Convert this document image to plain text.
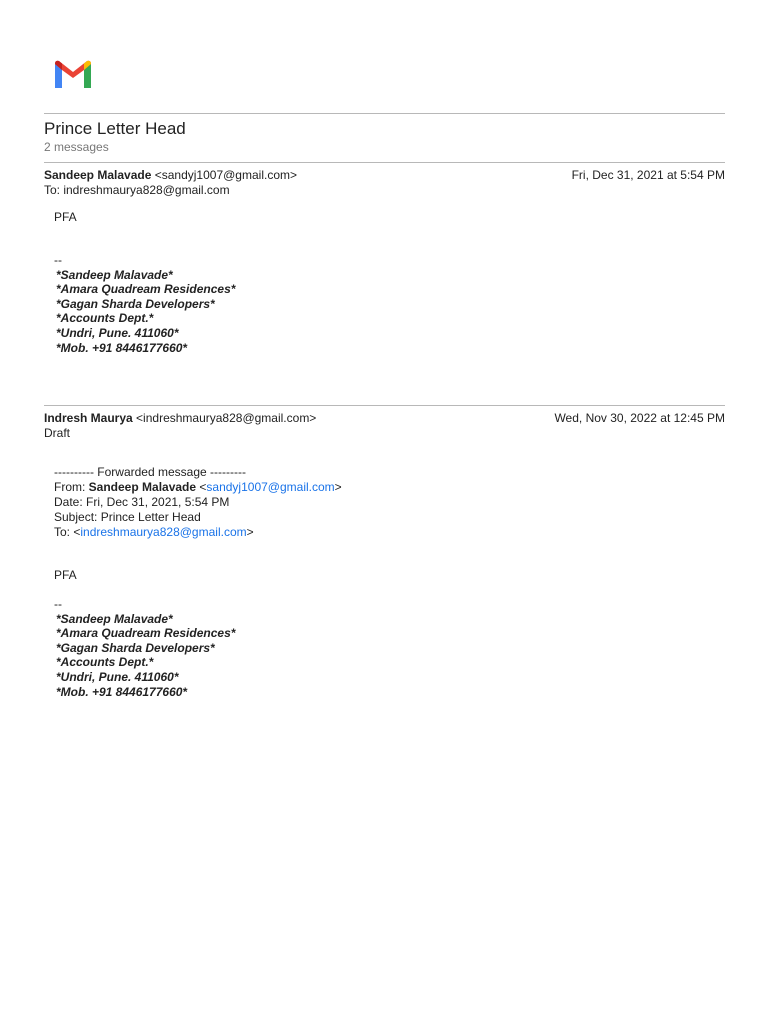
Prince Letter Head
2 messages
Sandeep Malavade <sandyj1007@gmail.com>	Fri, Dec 31, 2021 at 5:54 PM
To: indreshmaurya828@gmail.com
PFA
--
*Sandeep Malavade*
*Amara Quadream Residences*
*Gagan Sharda Developers*
*Accounts Dept.*
*Undri, Pune. 411060*
*Mob. +91 8446177660*
Indresh Maurya <indreshmaurya828@gmail.com>	Wed, Nov 30, 2022 at 12:45 PM
Draft
---------- Forwarded message ---------
From: Sandeep Malavade <sandyj1007@gmail.com>
Date: Fri, Dec 31, 2021, 5:54 PM
Subject: Prince Letter Head
To: <indreshmaurya828@gmail.com>
PFA
--
*Sandeep Malavade*
*Amara Quadream Residences*
*Gagan Sharda Developers*
*Accounts Dept.*
*Undri, Pune. 411060*
*Mob. +91 8446177660*
